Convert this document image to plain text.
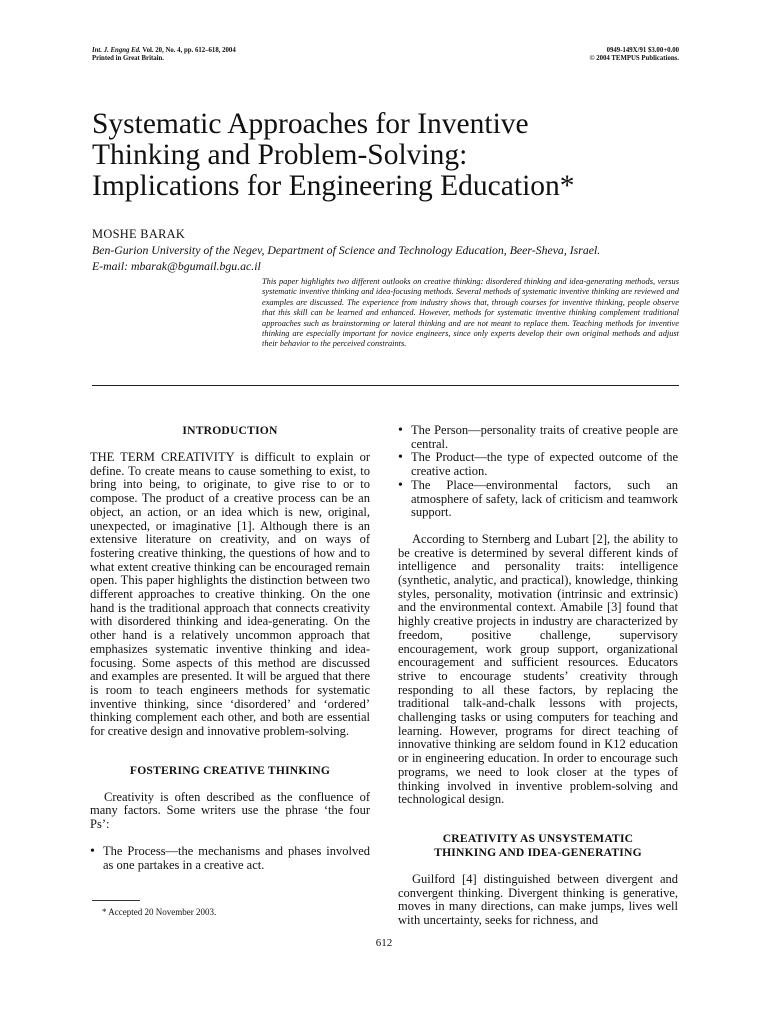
Int. J. Engng Ed. Vol. 20, No. 4, pp. 612–618, 2004
Printed in Great Britain.
0949-149X/91 $3.00+0.00
© 2004 TEMPUS Publications.
Systematic Approaches for Inventive
Thinking and Problem-Solving:
Implications for Engineering Education*
MOSHE BARAK
Ben-Gurion University of the Negev, Department of Science and Technology Education, Beer-Sheva, Israel.
E-mail: mbarak@bgumail.bgu.ac.il
This paper highlights two different outlooks on creative thinking: disordered thinking and idea-generating methods, versus systematic inventive thinking and idea-focusing methods. Several methods of systematic inventive thinking are reviewed and examples are discussed. The experience from industry shows that, through courses for inventive thinking, people observe that this skill can be learned and enhanced. However, methods for systematic inventive thinking complement traditional approaches such as brainstorming or lateral thinking and are not meant to replace them. Teaching methods for inventive thinking are especially important for novice engineers, since only experts develop their own original methods and adjust their behavior to the perceived constraints.
INTRODUCTION

THE TERM CREATIVITY is difficult to explain or define. To create means to cause something to exist, to bring into being, to originate, to give rise to or to compose. The product of a creative process can be an object, an action, or an idea which is new, original, unexpected, or imaginative [1]. Although there is an extensive literature on creativity, and on ways of fostering creative thinking, the questions of how and to what extent creative thinking can be encouraged remain open. This paper highlights the distinction between two different approaches to creative thinking. On the one hand is the traditional approach that connects creativity with disordered thinking and idea-generating. On the other hand is a relatively uncommon approach that emphasizes systematic inventive thinking and idea-focusing. Some aspects of this method are discussed and examples are presented. It will be argued that there is room to teach engineers methods for systematic inventive thinking, since ‘disordered’ and ‘ordered’ thinking complement each other, and both are essential for creative design and innovative problem-solving.

FOSTERING CREATIVE THINKING

Creativity is often described as the confluence of many factors. Some writers use the phrase ‘the four Ps’:

• The Process—the mechanisms and phases involved as one partakes in a creative act.
• The Person—personality traits of creative people are central.
• The Product—the type of expected outcome of the creative action.
• The Place—environmental factors, such an atmosphere of safety, lack of criticism and teamwork support.

According to Sternberg and Lubart [2], the ability to be creative is determined by several different kinds of intelligence and personality traits: intelligence (synthetic, analytic, and practical), knowledge, thinking styles, personality, motivation (intrinsic and extrinsic) and the environmental context. Amabile [3] found that highly creative projects in industry are characterized by freedom, positive challenge, supervisory encouragement, work group support, organizational encouragement and sufficient resources. Educators strive to encourage students’ creativity through responding to all these factors, by replacing the traditional talk-and-chalk lessons with projects, challenging tasks or using computers for teaching and learning. However, programs for direct teaching of innovative thinking are seldom found in K12 education or in engineering education. In order to encourage such programs, we need to look closer at the types of thinking involved in inventive problem-solving and technological design.

CREATIVITY AS UNSYSTEMATIC
THINKING AND IDEA-GENERATING

Guilford [4] distinguished between divergent and convergent thinking. Divergent thinking is generative, moves in many directions, can make jumps, lives well with uncertainty, seeks for richness, and

* Accepted 20 November 2003.
612
